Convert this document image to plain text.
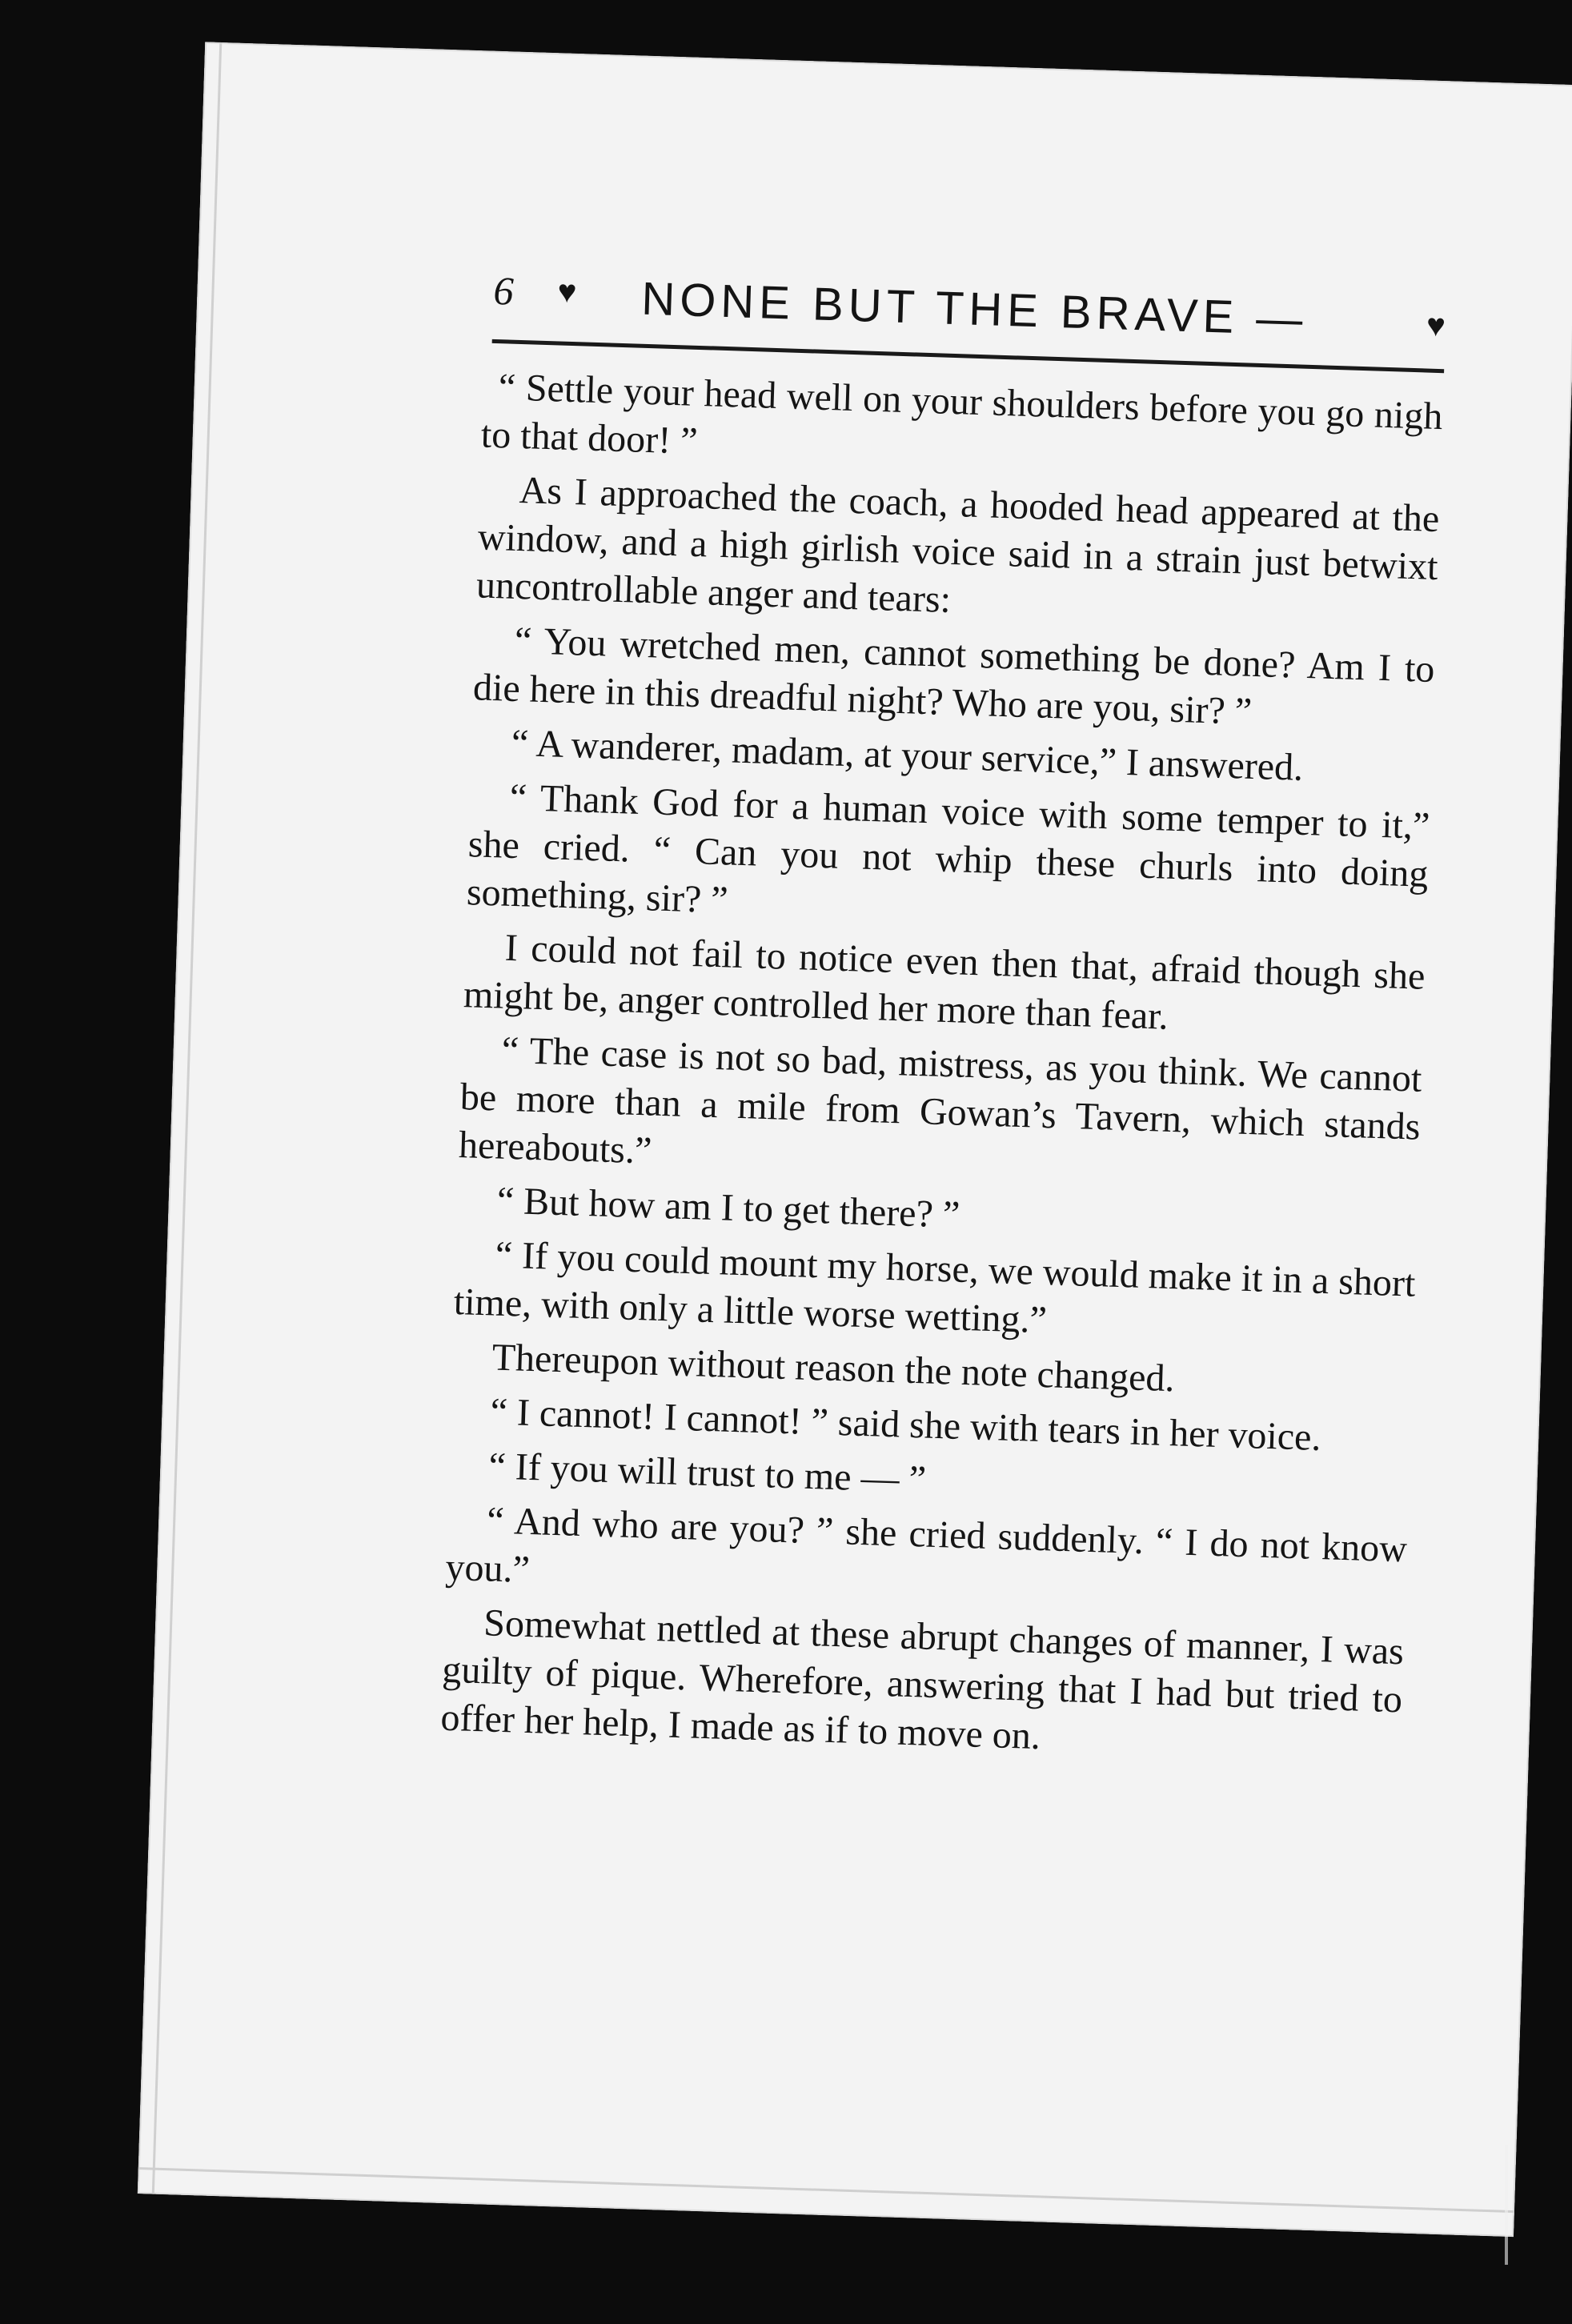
6 ♥ NONE BUT THE BRAVE —	♥

“ Settle your head well on your shoulders before you go nigh to that door! ”

As I approached the coach, a hooded head appeared at the window, and a high girlish voice said in a strain just betwixt uncontrollable anger and tears:

“ You wretched men, cannot something be done? Am I to die here in this dreadful night? Who are you, sir? ”

“ A wanderer, madam, at your service,” I answered.

“ Thank God for a human voice with some temper to it,” she cried. “ Can you not whip these churls into doing something, sir? ”

I could not fail to notice even then that, afraid though she might be, anger controlled her more than fear.

“ The case is not so bad, mistress, as you think. We cannot be more than a mile from Gowan’s Tavern, which stands hereabouts.”

“ But how am I to get there? ”

“ If you could mount my horse, we would make it in a short time, with only a little worse wetting.”

Thereupon without reason the note changed.

“ I cannot! I cannot! ” said she with tears in her voice.

“ If you will trust to me — ”

“ And who are you? ” she cried suddenly. “ I do not know you.”

Somewhat nettled at these abrupt changes of manner, I was guilty of pique. Wherefore, answering that I had but tried to offer her help, I made as if to move on.
